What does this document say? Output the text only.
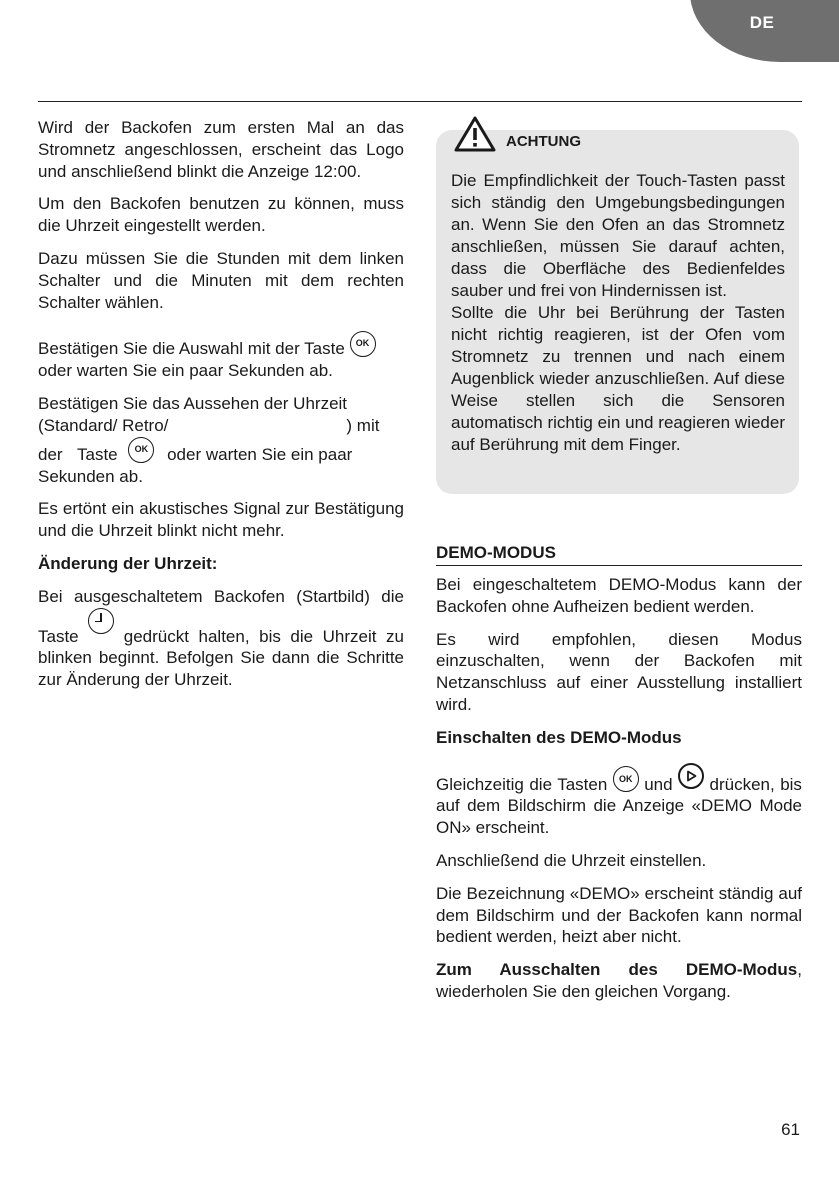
DE

Wird der Backofen zum ersten Mal an das Stromnetz angeschlossen, erscheint das Logo und anschließend blinkt die Anzeige 12:00.

Um den Backofen benutzen zu können, muss die Uhrzeit eingestellt werden.

Dazu müssen Sie die Stunden mit dem linken Schalter und die Minuten mit dem rechten Schalter wählen.

Bestätigen Sie die Auswahl mit der Taste OK
oder warten Sie ein paar Sekunden ab.

Bestätigen Sie das Aussehen der Uhrzeit (Standard/ Retro/	) mit
der Taste OK oder warten Sie ein paar Sekunden ab.

Es ertönt ein akustisches Signal zur Bestätigung und die Uhrzeit blinkt nicht mehr.

Änderung der Uhrzeit:

Bei ausgeschaltetem Backofen (Startbild) die Taste	gedrückt halten, bis die Uhrzeit zu blinken beginnt. Befolgen Sie dann die Schritte zur Änderung der Uhrzeit.

ACHTUNG

Die Empfindlichkeit der Touch-Tasten passt sich ständig den Umgebungsbedingungen an. Wenn Sie den Ofen an das Stromnetz anschließen, müssen Sie darauf achten, dass die Oberfläche des Bedienfeldes sauber und frei von Hindernissen ist.

Sollte die Uhr bei Berührung der Tasten nicht richtig reagieren, ist der Ofen vom Stromnetz zu trennen und nach einem Augenblick wieder anzuschließen. Auf diese Weise stellen sich die Sensoren automatisch richtig ein und reagieren wieder auf Berührung mit dem Finger.

DEMO-MODUS

Bei eingeschaltetem DEMO-Modus kann der Backofen ohne Aufheizen bedient werden.

Es wird empfohlen, diesen Modus einzuschalten, wenn der Backofen mit Netzanschluss auf einer Ausstellung installiert wird.

Einschalten des DEMO-Modus

Gleichzeitig die Tasten OK und drücken, bis auf dem Bildschirm die Anzeige «DEMO Mode ON» erscheint.

Anschließend die Uhrzeit einstellen.

Die Bezeichnung «DEMO» erscheint ständig auf dem Bildschirm und der Backofen kann normal bedient werden, heizt aber nicht.

Zum Ausschalten des DEMO-Modus, wiederholen Sie den gleichen Vorgang.

61
